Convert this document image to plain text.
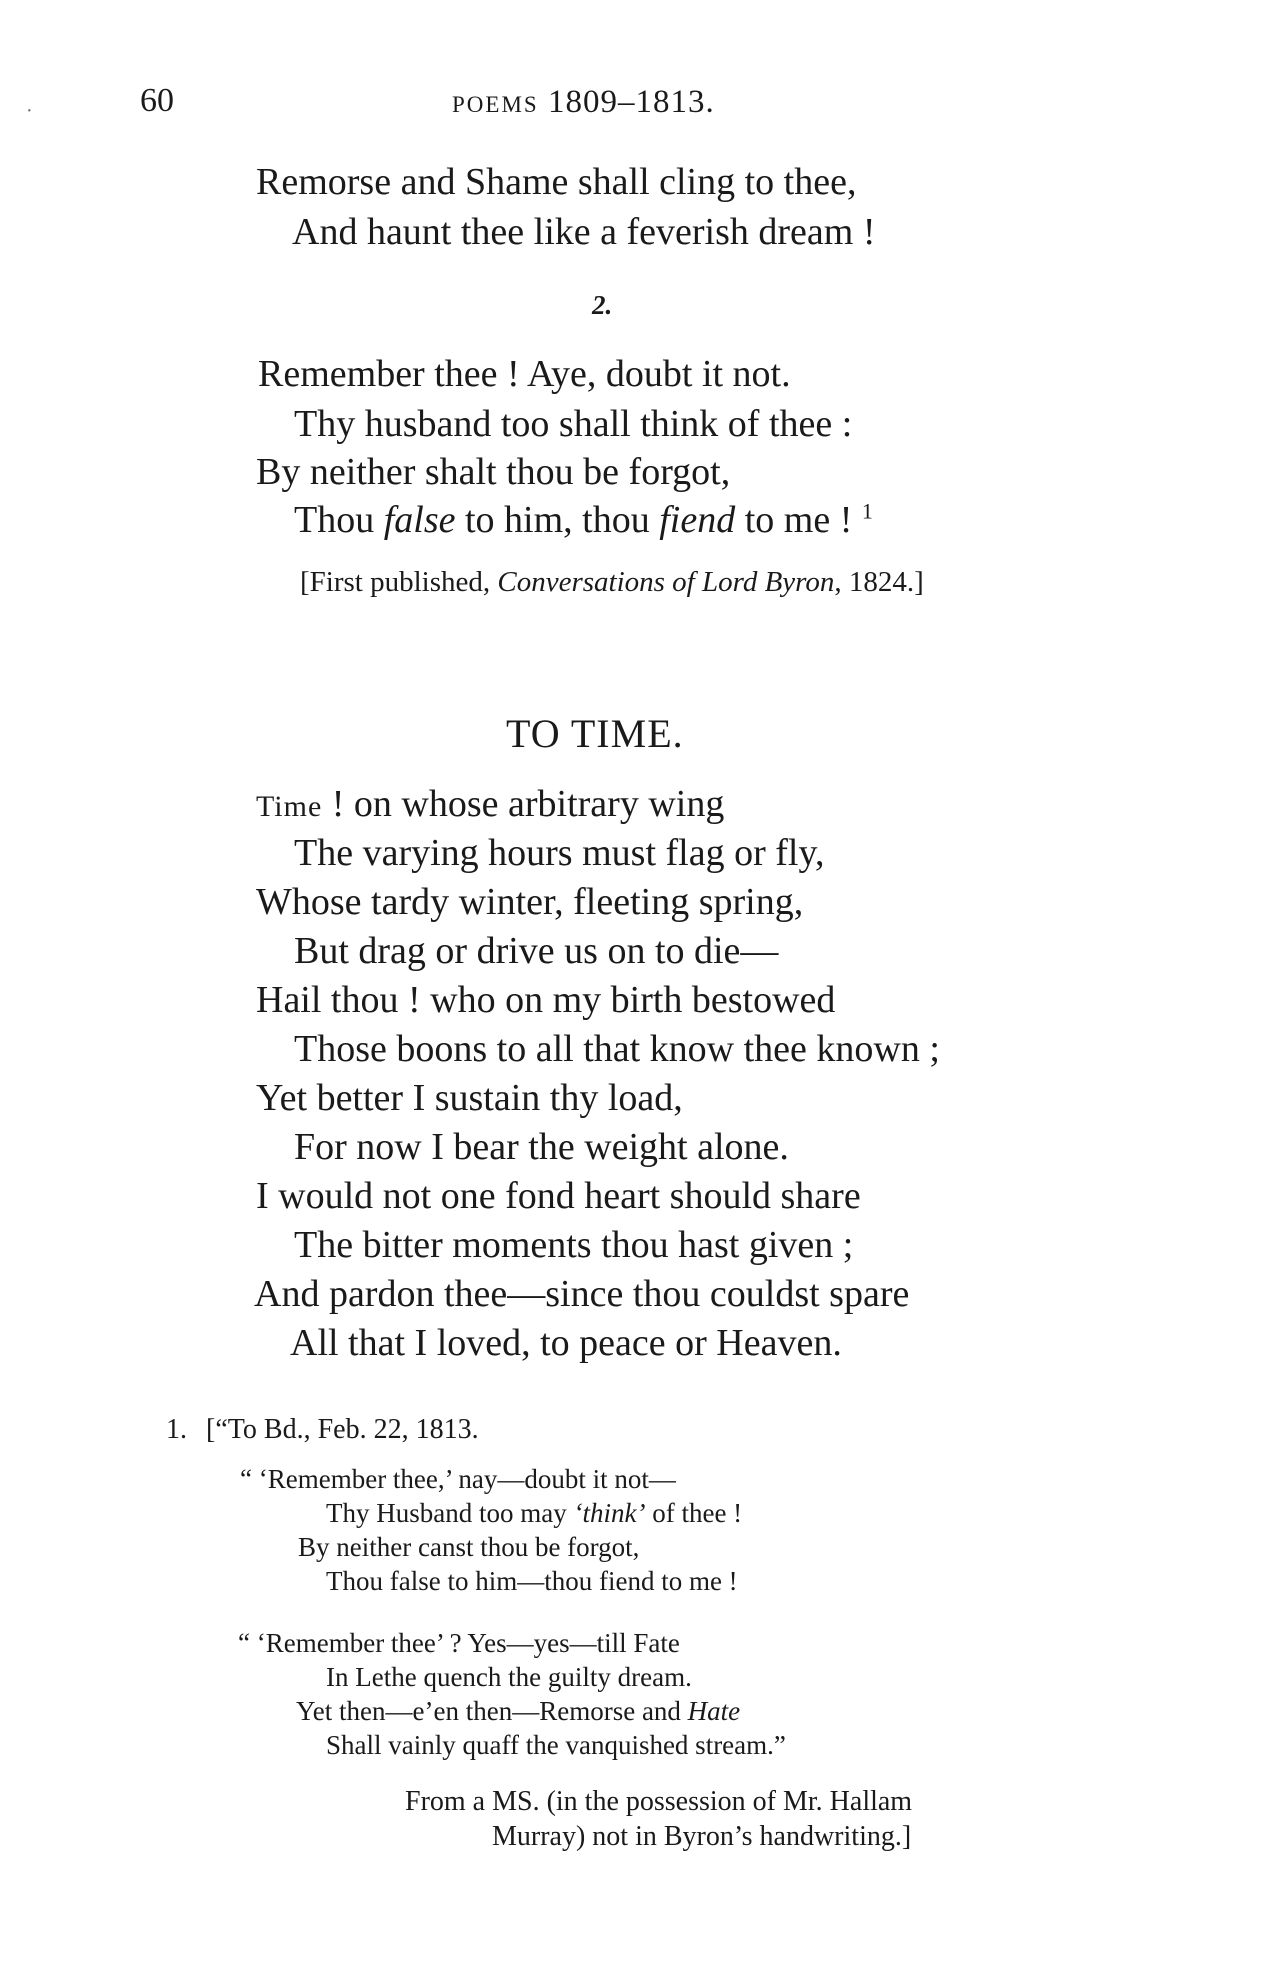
·	60	POEMS 1809–1813.
Remorse and Shame shall cling to thee,
And haunt thee like a feverish dream !
2.
Remember thee ! Aye, doubt it not.
Thy husband too shall think of thee :
By neither shalt thou be forgot,
Thou false to him, thou fiend to me ! $^1$
[First published, Conversations of Lord Byron, 1824.]
TO TIME.
Time ! on whose arbitrary wing
The varying hours must flag or fly,
Whose tardy winter, fleeting spring,
But drag or drive us on to die—
Hail thou ! who on my birth bestowed
Those boons to all that know thee known ;
Yet better I sustain thy load,
For now I bear the weight alone.
I would not one fond heart should share
The bitter moments thou hast given ;
And pardon thee—since thou couldst spare
All that I loved, to peace or Heaven.
1. [“To Bd., Feb. 22, 1813.
“ ‘Remember thee,’ nay—doubt it not—
Thy Husband too may ‘think’ of thee !
By neither canst thou be forgot,
Thou false to him—thou fiend to me !
“ ‘Remember thee’ ? Yes—yes—till Fate
In Lethe quench the guilty dream.
Yet then—e’en then—Remorse and Hate
Shall vainly quaff the vanquished stream.”
From a MS. (in the possession of Mr. Hallam
Murray) not in Byron’s handwriting.]
